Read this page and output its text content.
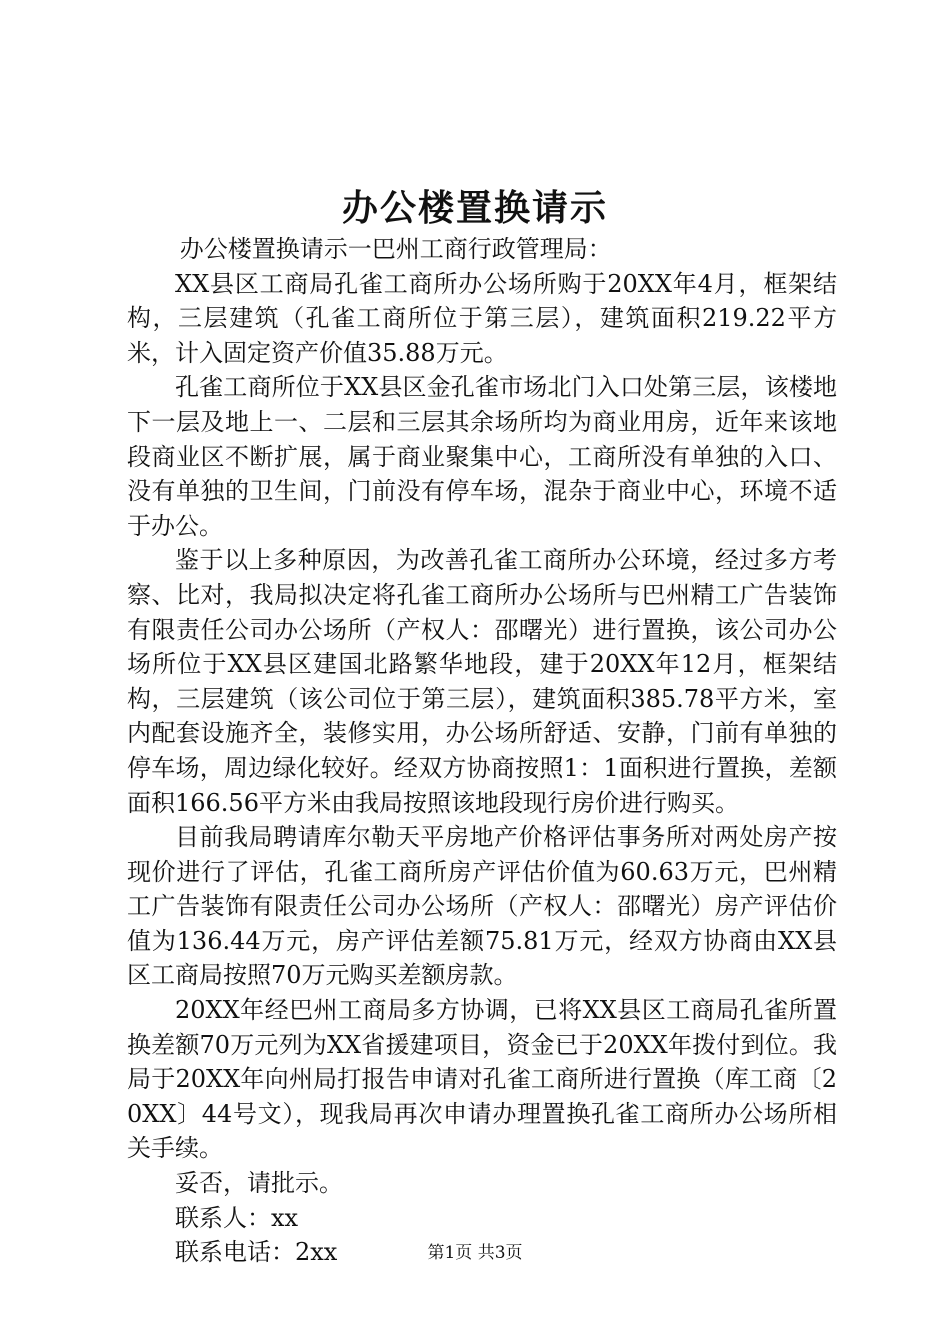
办公楼置换请示

办公楼置换请示一巴州工商行政管理局：

XX县区工商局孔雀工商所办公场所购于20XX年4月，框架结构，三层建筑（孔雀工商所位于第三层），建筑面积219.22平方米，计入固定资产价值35.88万元。

孔雀工商所位于XX县区金孔雀市场北门入口处第三层，该楼地下一层及地上一、二层和三层其余场所均为商业用房，近年来该地段商业区不断扩展，属于商业聚集中心，工商所没有单独的入口、没有单独的卫生间，门前没有停车场，混杂于商业中心，环境不适于办公。

鉴于以上多种原因，为改善孔雀工商所办公环境，经过多方考察、比对，我局拟决定将孔雀工商所办公场所与巴州精工广告装饰有限责任公司办公场所（产权人：邵曙光）进行置换，该公司办公场所位于XX县区建国北路繁华地段，建于20XX年12月，框架结构，三层建筑（该公司位于第三层），建筑面积385.78平方米，室内配套设施齐全，装修实用，办公场所舒适、安静，门前有单独的停车场，周边绿化较好。经双方协商按照1：1面积进行置换，差额面积166.56平方米由我局按照该地段现行房价进行购买。

目前我局聘请库尔勒天平房地产价格评估事务所对两处房产按现价进行了评估，孔雀工商所房产评估价值为60.63万元，巴州精工广告装饰有限责任公司办公场所（产权人：邵曙光）房产评估价值为136.44万元，房产评估差额75.81万元，经双方协商由XX县区工商局按照70万元购买差额房款。

20XX年经巴州工商局多方协调，已将XX县区工商局孔雀所置换差额70万元列为XX省援建项目，资金已于20XX年拨付到位。我局于20XX年向州局打报告申请对孔雀工商所进行置换（库工商〔20XX〕44号文），现我局再次申请办理置换孔雀工商所办公场所相关手续。

妥否，请批示。

联系人：xx

联系电话：2xx	第1页 共3页
